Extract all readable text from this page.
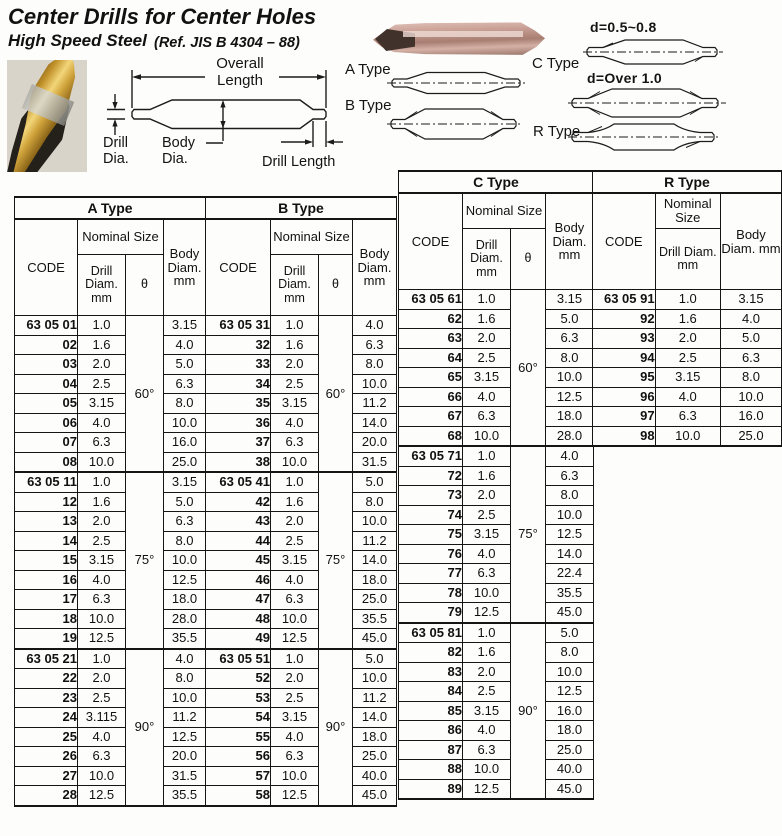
Center Drills for Center Holes
High Speed Steel (Ref. JIS B 4304 – 88)
Overall
Length
Drill
Dia.
Body
Dia.	Drill Length
A Type
B Type
C Type
R Type
d=0.5~0.8
d=Over 1.0
A Type				B Type			
CODE	Nominal Size		Body Diam. mm	CODE	Nominal Size		Body Diam. mm
	Drill Diam. mm	θ			Drill Diam. mm	θ	
63 05 01	1.0	60°	3.15	63 05 31	1.0	60°	4.0
02	1.6		4.0	32	1.6		6.3
03	2.0		5.0	33	2.0		8.0
04	2.5		6.3	34	2.5		10.0
05	3.15		8.0	35	3.15		11.2
06	4.0		10.0	36	4.0		14.0
07	6.3		16.0	37	6.3		20.0
08	10.0		25.0	38	10.0		31.5
63 05 11	1.0	75°	3.15	63 05 41	1.0	75°	5.0
12	1.6		5.0	42	1.6		8.0
13	2.0		6.3	43	2.0		10.0
14	2.5		8.0	44	2.5		11.2
15	3.15		10.0	45	3.15		14.0
16	4.0		12.5	46	4.0		18.0
17	6.3		18.0	47	6.3		25.0
18	10.0		28.0	48	10.0		35.5
19	12.5		35.5	49	12.5		45.0
63 05 21	1.0	90°	4.0	63 05 51	1.0	90°	5.0
22	2.0		8.0	52	2.0		10.0
23	2.5		10.0	53	2.5		11.2
24	3.115		11.2	54	3.15		14.0
25	4.0		12.5	55	4.0		18.0
26	6.3		20.0	56	6.3		25.0
27	10.0		31.5	57	10.0		40.0
28	12.5		35.5	58	12.5		45.0
C Type			
CODE	Nominal Size		Body Diam. mm
	Drill Diam. mm	θ	
63 05 61	1.0	60°	3.15
62	1.6		5.0
63	2.0		6.3
64	2.5		8.0
65	3.15		10.0
66	4.0		12.5
67	6.3		18.0
68	10.0		28.0
63 05 71	1.0	75°	4.0
72	1.6		6.3
73	2.0		8.0
74	2.5		10.0
75	3.15		12.5
76	4.0		14.0
77	6.3		22.4
78	10.0		35.5
79	12.5		45.0
63 05 81	1.0	90°	5.0
82	1.6		8.0
83	2.0		10.0
84	2.5		12.5
85	3.15		16.0
86	4.0		18.0
87	6.3		25.0
88	10.0		40.0
89	12.5		45.0
R Type		
CODE	Nominal Size	Body Diam. mm
	Drill Diam. mm	
63 05 91	1.0	3.15
92	1.6	4.0
93	2.0	5.0
94	2.5	6.3
95	3.15	8.0
96	4.0	10.0
97	6.3	16.0
98	10.0	25.0
